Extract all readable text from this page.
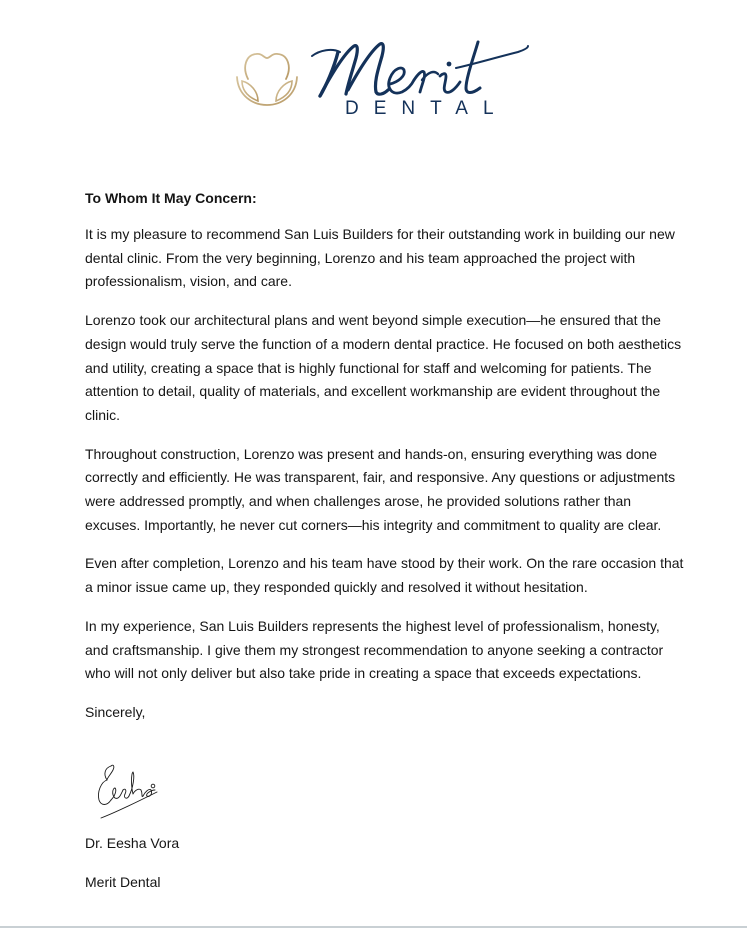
DENTAL

To Whom It May Concern:

It is my pleasure to recommend San Luis Builders for their outstanding work in building our new dental clinic. From the very beginning, Lorenzo and his team approached the project with professionalism, vision, and care.

Lorenzo took our architectural plans and went beyond simple execution—he ensured that the design would truly serve the function of a modern dental practice. He focused on both aesthetics and utility, creating a space that is highly functional for staff and welcoming for patients. The attention to detail, quality of materials, and excellent workmanship are evident throughout the clinic.

Throughout construction, Lorenzo was present and hands-on, ensuring everything was done correctly and efficiently. He was transparent, fair, and responsive. Any questions or adjustments were addressed promptly, and when challenges arose, he provided solutions rather than excuses. Importantly, he never cut corners—his integrity and commitment to quality are clear.

Even after completion, Lorenzo and his team have stood by their work. On the rare occasion that a minor issue came up, they responded quickly and resolved it without hesitation.

In my experience, San Luis Builders represents the highest level of professionalism, honesty, and craftsmanship. I give them my strongest recommendation to anyone seeking a contractor who will not only deliver but also take pride in creating a space that exceeds expectations.

Sincerely,

Dr. Eesha Vora
Merit Dental
